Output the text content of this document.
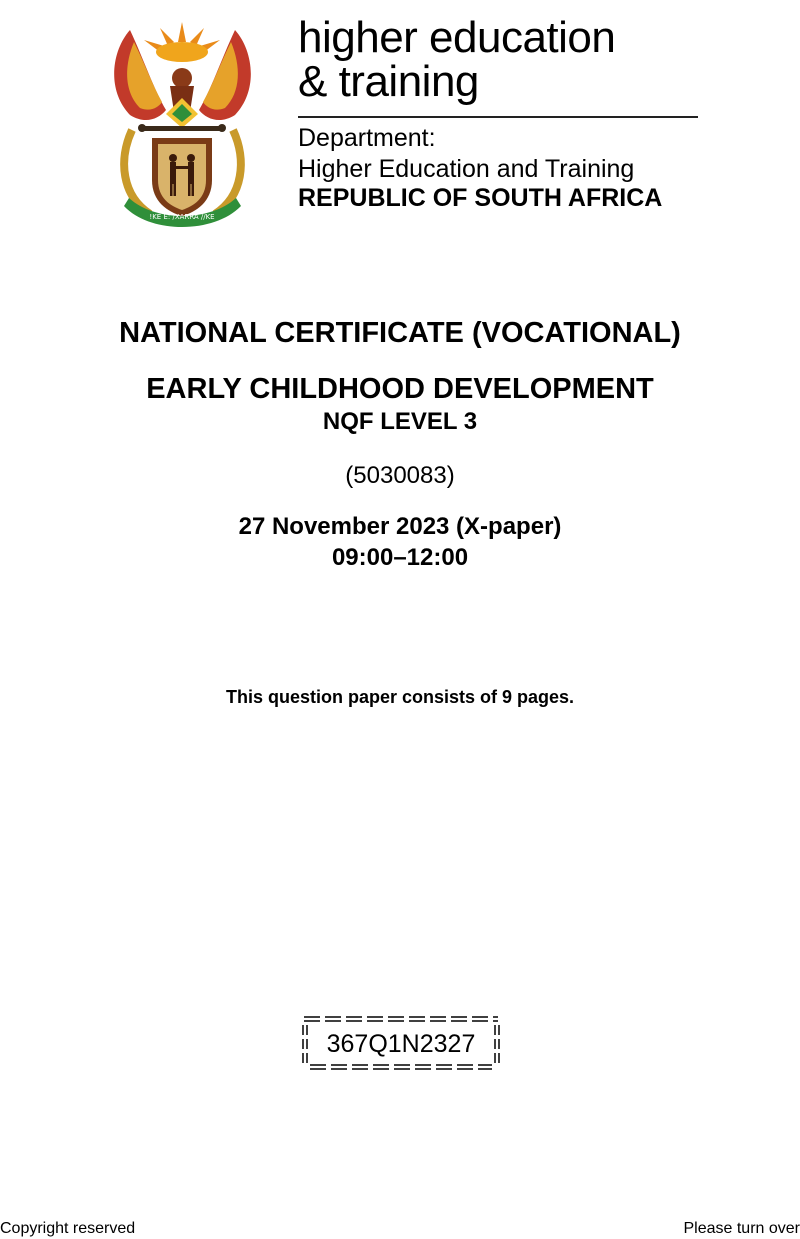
!KE E: /XARRA //KE
higher education
& training
Department:
Higher Education and Training
REPUBLIC OF SOUTH AFRICA
NATIONAL CERTIFICATE (VOCATIONAL)
EARLY CHILDHOOD DEVELOPMENT
NQF LEVEL 3
(5030083)
27 November 2023 (X-paper)
09:00–12:00
This question paper consists of 9 pages.
367Q1N2327
Copyright reserved	Please turn over
